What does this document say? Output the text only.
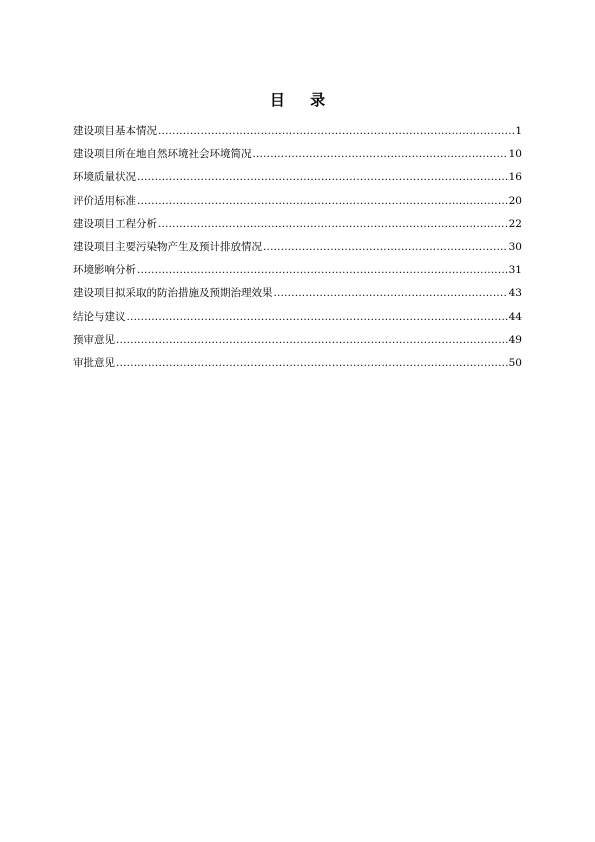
目 录
建设项目基本情况 .....	1
建设项目所在地自然环境社会环境简况 .....	10
环境质量状况 .....	16
评价适用标准 .....	20
建设项目工程分析 .....	22
建设项目主要污染物产生及预计排放情况 .....	30
环境影响分析 .....	31
建设项目拟采取的防治措施及预期治理效果 .....	43
结论与建议 .....	44
预审意见 .....	49
审批意见 .....	50
